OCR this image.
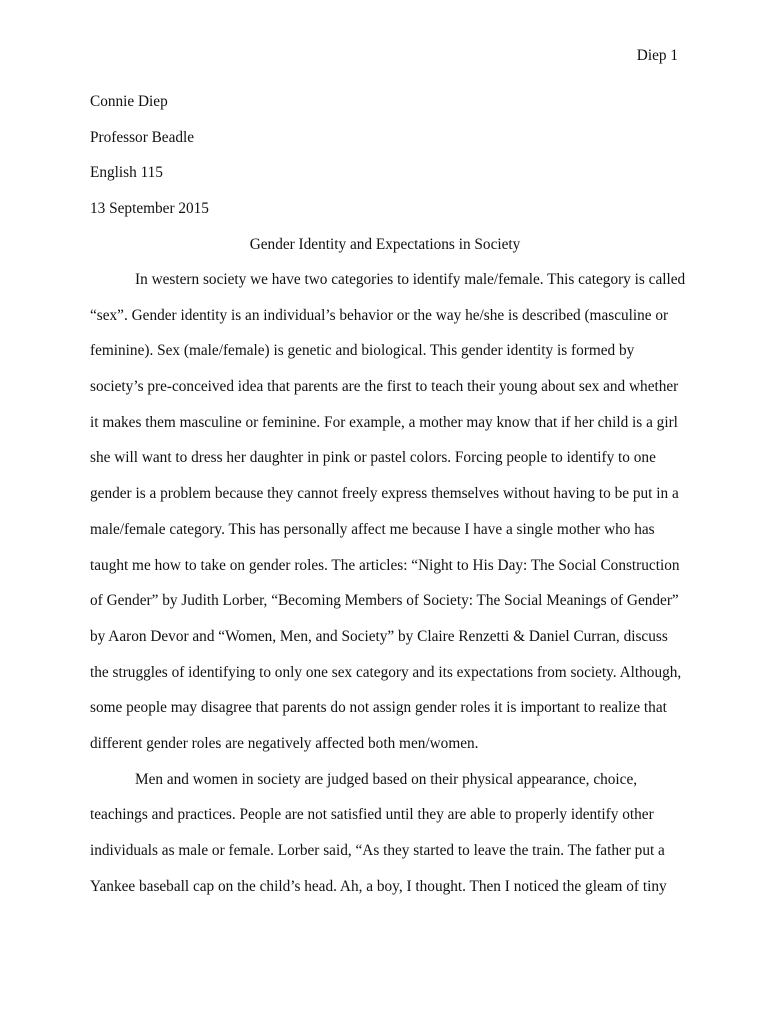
Diep 1
Connie Diep
Professor Beadle
English 115
13 September 2015
Gender Identity and Expectations in Society
In western society we have two categories to identify male/female. This category is called
“sex”. Gender identity is an individual’s behavior or the way he/she is described (masculine or
feminine). Sex (male/female) is genetic and biological. This gender identity is formed by
society’s pre-conceived idea that parents are the first to teach their young about sex and whether
it makes them masculine or feminine. For example, a mother may know that if her child is a girl
she will want to dress her daughter in pink or pastel colors. Forcing people to identify to one
gender is a problem because they cannot freely express themselves without having to be put in a
male/female category. This has personally affect me because I have a single mother who has
taught me how to take on gender roles. The articles: “Night to His Day: The Social Construction
of Gender” by Judith Lorber, “Becoming Members of Society: The Social Meanings of Gender”
by Aaron Devor and “Women, Men, and Society” by Claire Renzetti & Daniel Curran, discuss
the struggles of identifying to only one sex category and its expectations from society. Although,
some people may disagree that parents do not assign gender roles it is important to realize that
different gender roles are negatively affected both men/women.
Men and women in society are judged based on their physical appearance, choice,
teachings and practices. People are not satisfied until they are able to properly identify other
individuals as male or female. Lorber said, “As they started to leave the train. The father put a
Yankee baseball cap on the child’s head. Ah, a boy, I thought. Then I noticed the gleam of tiny
